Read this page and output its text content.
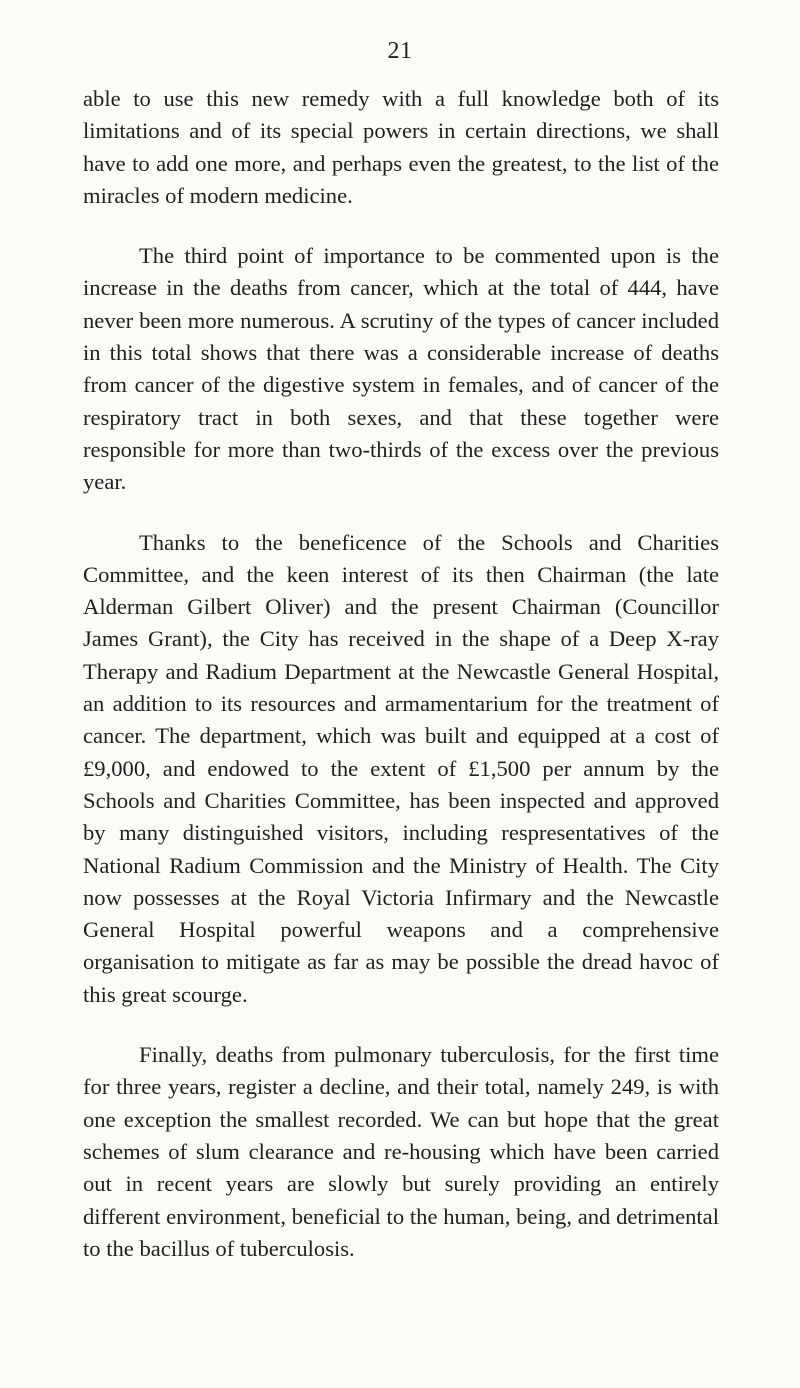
21

able to use this new remedy with a full knowledge both of its limitations and of its special powers in certain directions, we shall have to add one more, and perhaps even the greatest, to the list of the miracles of modern medicine.

The third point of importance to be commented upon is the increase in the deaths from cancer, which at the total of 444, have never been more numerous. A scrutiny of the types of cancer included in this total shows that there was a considerable increase of deaths from cancer of the digestive system in females, and of cancer of the respiratory tract in both sexes, and that these together were responsible for more than two-thirds of the excess over the previous year.

Thanks to the beneficence of the Schools and Charities Committee, and the keen interest of its then Chairman (the late Alderman Gilbert Oliver) and the present Chairman (Councillor James Grant), the City has received in the shape of a Deep X-ray Therapy and Radium Department at the Newcastle General Hospital, an addition to its resources and armamentarium for the treatment of cancer. The department, which was built and equipped at a cost of £9,000, and endowed to the extent of £1,500 per annum by the Schools and Charities Committee, has been inspected and approved by many distinguished visitors, including respresentatives of the National Radium Commission and the Ministry of Health. The City now possesses at the Royal Victoria Infirmary and the Newcastle General Hospital powerful weapons and a comprehensive organisation to mitigate as far as may be possible the dread havoc of this great scourge.

Finally, deaths from pulmonary tuberculosis, for the first time for three years, register a decline, and their total, namely 249, is with one exception the smallest recorded. We can but hope that the great schemes of slum clearance and re-housing which have been carried out in recent years are slowly but surely providing an entirely different environment, beneficial to the human, being, and detrimental to the bacillus of tuberculosis.
